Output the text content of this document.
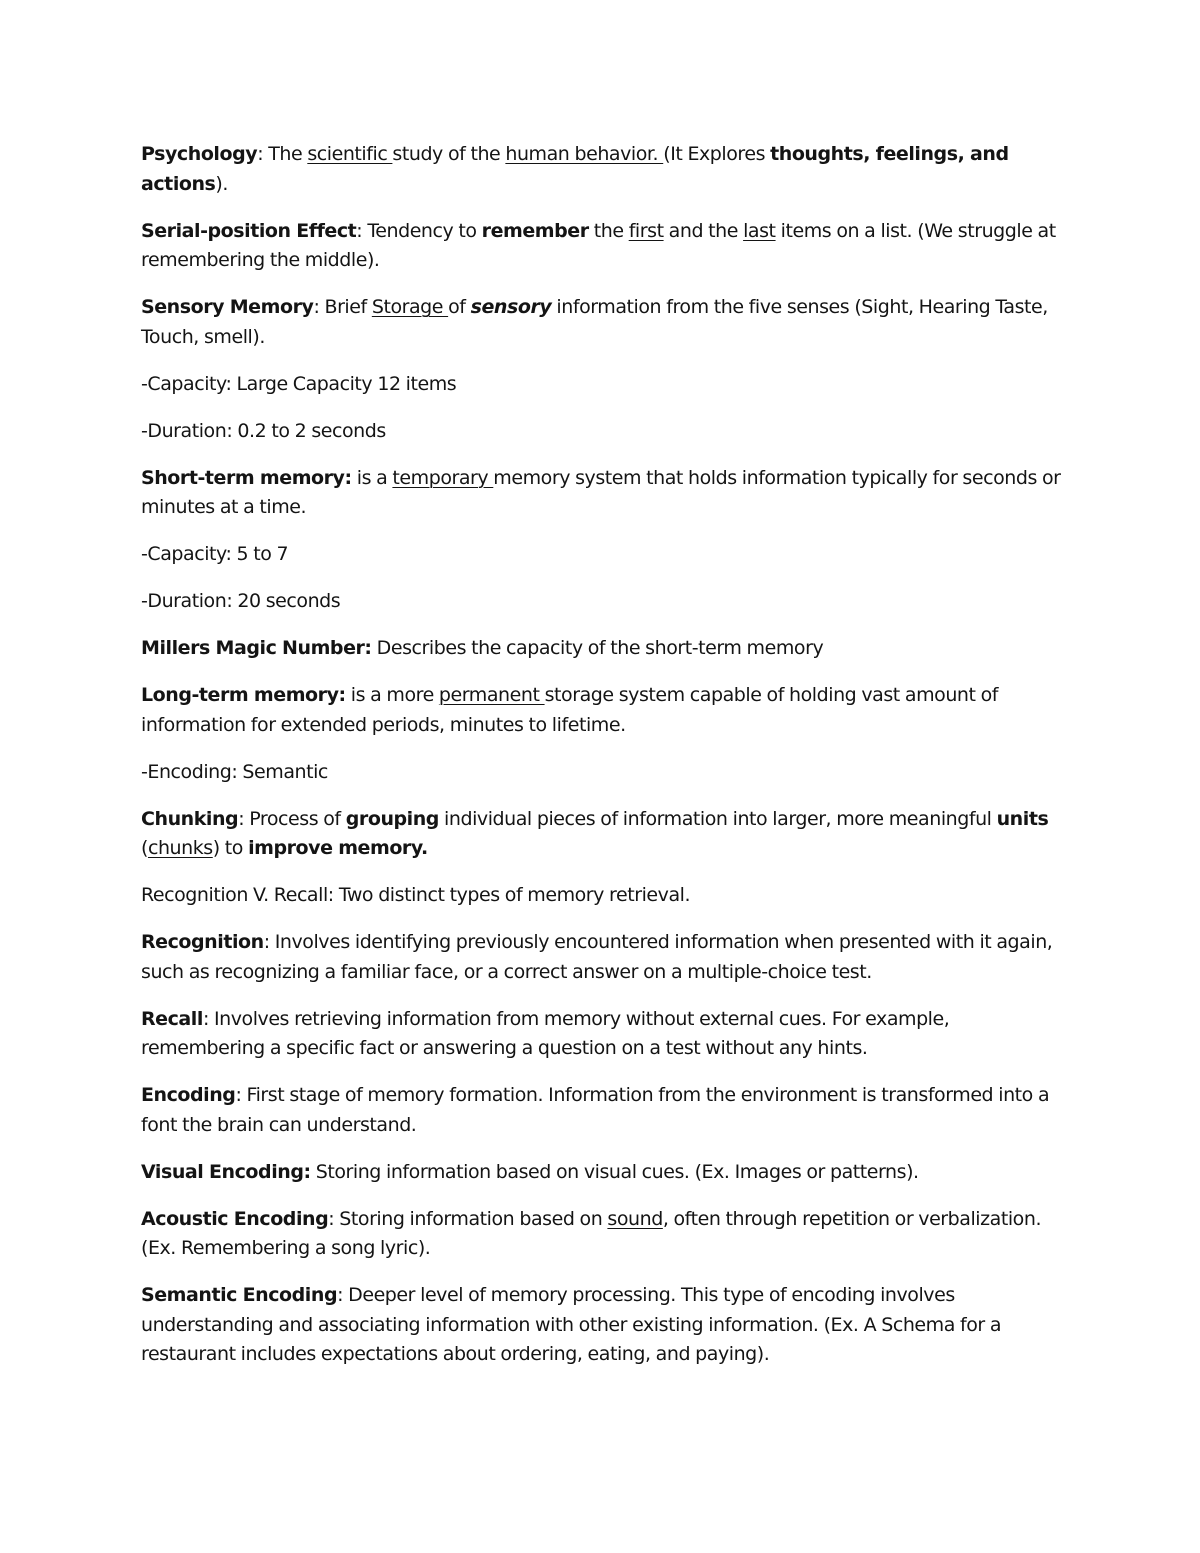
Psychology: The scientific study of the human behavior. (It Explores thoughts, feelings, and actions).

Serial-position Effect: Tendency to remember the first and the last items on a list. (We struggle at remembering the middle).

Sensory Memory: Brief Storage of sensory information from the five senses (Sight, Hearing Taste, Touch, smell).

-Capacity: Large Capacity 12 items

-Duration: 0.2 to 2 seconds

Short-term memory: is a temporary memory system that holds information typically for seconds or minutes at a time.

-Capacity: 5 to 7

-Duration: 20 seconds

Millers Magic Number: Describes the capacity of the short-term memory

Long-term memory: is a more permanent storage system capable of holding vast amount of information for extended periods, minutes to lifetime.

-Encoding: Semantic

Chunking: Process of grouping individual pieces of information into larger, more meaningful units (chunks) to improve memory.

Recognition V. Recall: Two distinct types of memory retrieval.

Recognition: Involves identifying previously encountered information when presented with it again, such as recognizing a familiar face, or a correct answer on a multiple-choice test.

Recall: Involves retrieving information from memory without external cues. For example, remembering a specific fact or answering a question on a test without any hints.

Encoding: First stage of memory formation. Information from the environment is transformed into a font the brain can understand.

Visual Encoding: Storing information based on visual cues. (Ex. Images or patterns).

Acoustic Encoding: Storing information based on sound, often through repetition or verbalization. (Ex. Remembering a song lyric).

Semantic Encoding: Deeper level of memory processing. This type of encoding involves understanding and associating information with other existing information. (Ex. A Schema for a restaurant includes expectations about ordering, eating, and paying).
